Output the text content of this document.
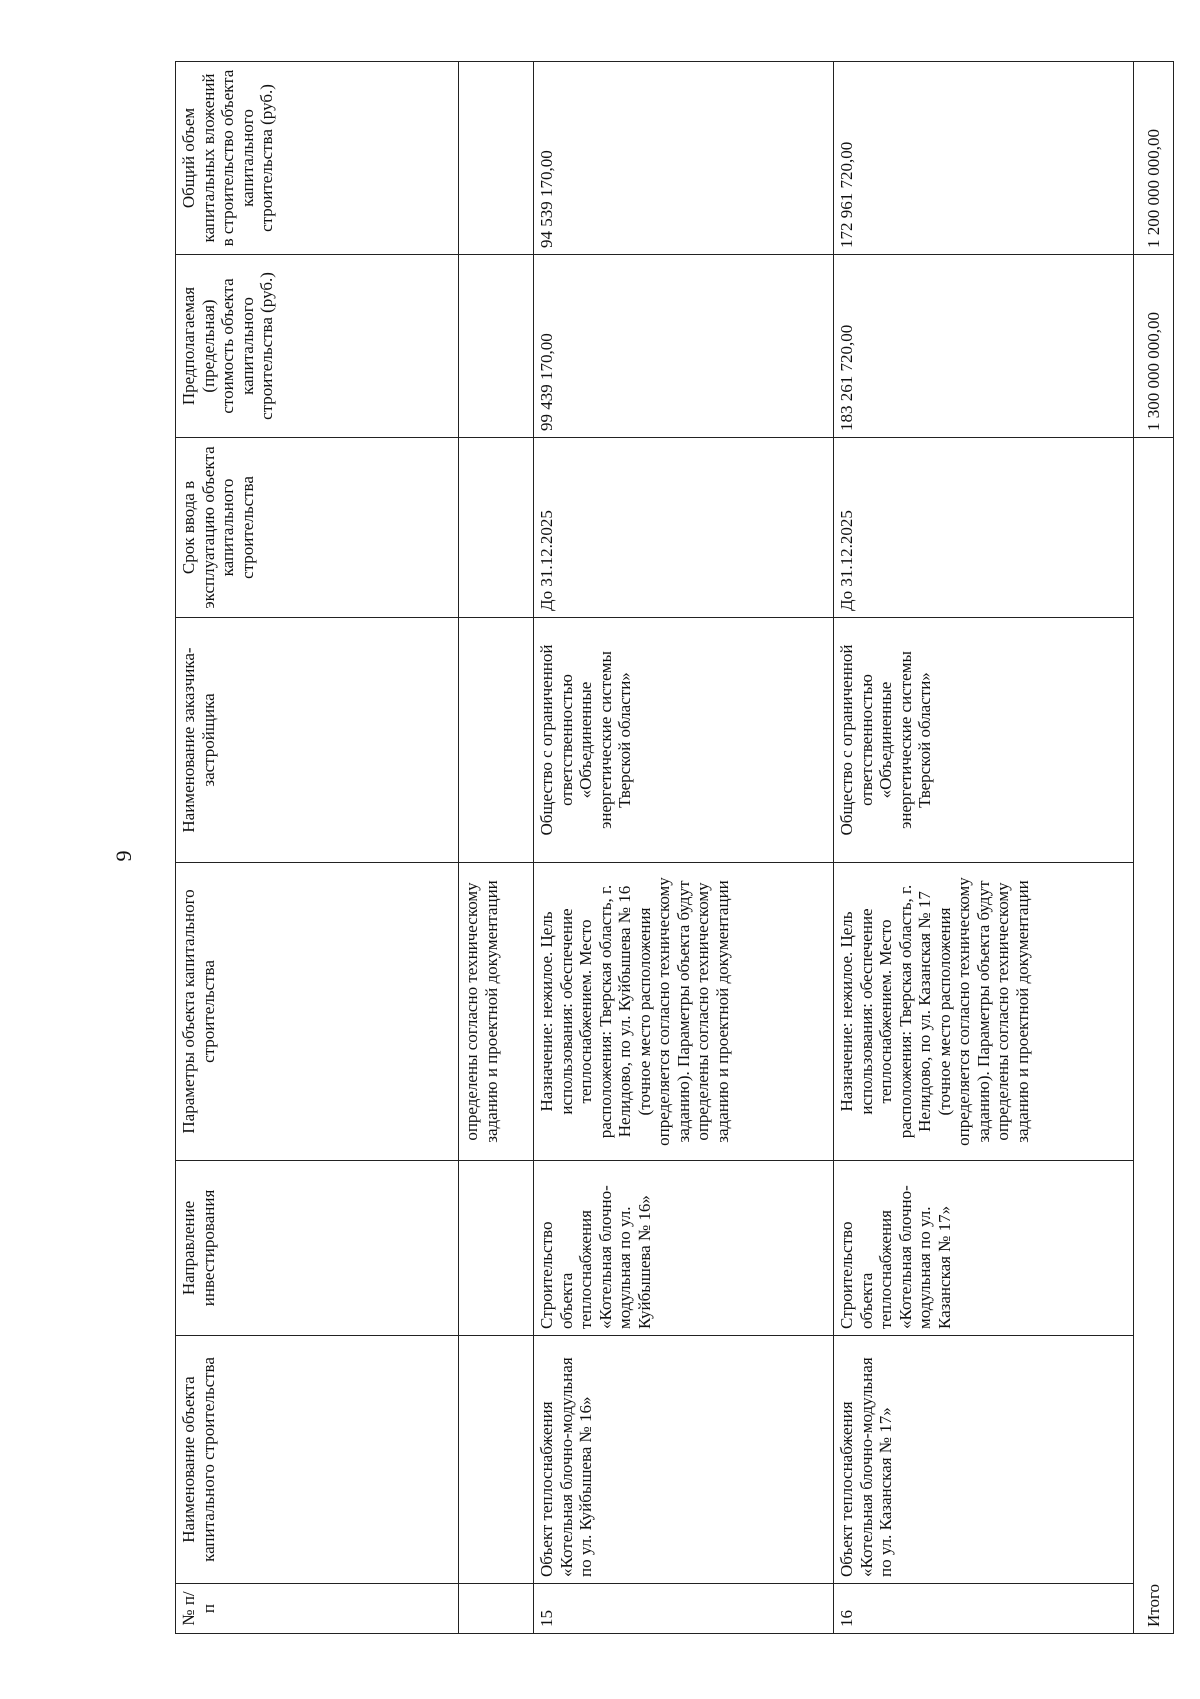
9
№ п/п	Наименование объекта капитального строительства	Направление инвестирования	Параметры объекта капитального строительства	Наименование заказчика-застройщика	Срок ввода в эксплуатацию объекта капитального строительства	Предполагаемая (предельная) стоимость объекта капитального строительства (руб.)	Общий объем капитальных вложений в строительство объекта капитального строительства (руб.)
			определены согласно техническому заданию и проектной документации				
15	Объект теплоснабжения «Котельная блочно-модульная по ул. Куйбышева № 16»	Строительство объекта теплоснабжения «Котельная блочно-модульная по ул. Куйбышева № 16»	Назначение: нежилое. Цель использования: обеспечение теплоснабжением. Место расположения: Тверская область, г. Нелидово, по ул. Куйбышева № 16 (точное место расположения определяется согласно техническому заданию). Параметры объекта будут определены согласно техническому заданию и проектной документации	Общество с ограниченной ответственностью «Объединенные энергетические системы Тверской области»	До 31.12.2025	99 439 170,00	94 539 170,00
16	Объект теплоснабжения «Котельная блочно-модульная по ул. Казанская № 17»	Строительство объекта теплоснабжения «Котельная блочно-модульная по ул. Казанская № 17»	Назначение: нежилое. Цель использования: обеспечение теплоснабжением. Место расположения: Тверская область, г. Нелидово, по ул. Казанская № 17 (точное место расположения определяется согласно техническому заданию). Параметры объекта будут определены согласно техническому заданию и проектной документации	Общество с ограниченной ответственностью «Объединенные энергетические системы Тверской области»	До 31.12.2025	183 261 720,00	172 961 720,00
Итого						1 300 000 000,00	1 200 000 000,00
